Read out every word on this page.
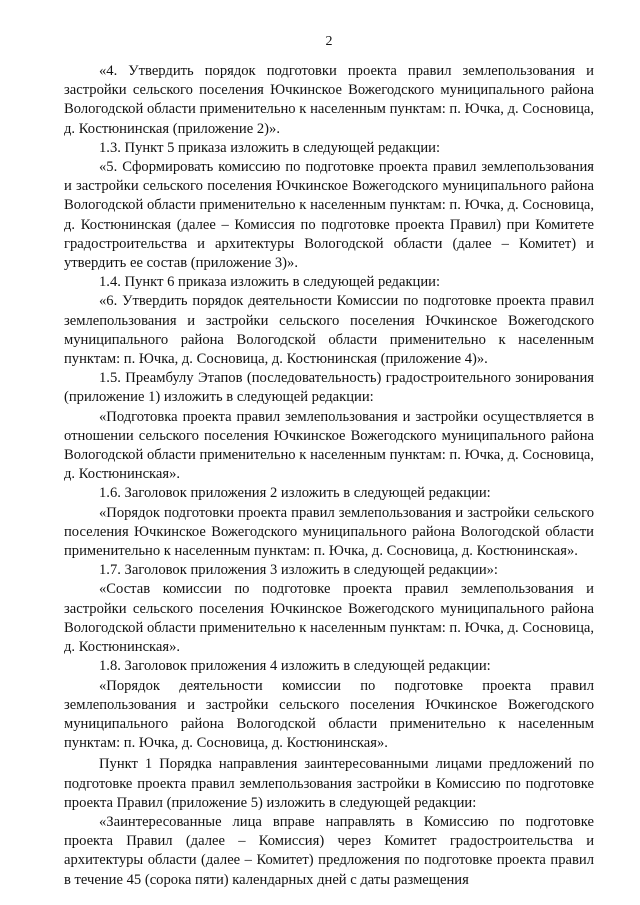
2

«4. Утвердить порядок подготовки проекта правил землепользования и застройки сельского поселения Ючкинское Вожегодского муниципального района Вологодской области применительно к населенным пунктам: п. Ючка, д. Сосновица, д. Костюнинская (приложение 2)».

1.3. Пункт 5 приказа изложить в следующей редакции:

«5. Сформировать комиссию по подготовке проекта правил землепользования и застройки сельского поселения Ючкинское Вожегодского муниципального района Вологодской области применительно к населенным пунктам: п. Ючка, д. Сосновица, д. Костюнинская (далее – Комиссия по подготовке проекта Правил) при Комитете градостроительства и архитектуры Вологодской области (далее – Комитет) и утвердить ее состав (приложение 3)».

1.4. Пункт 6 приказа изложить в следующей редакции:

«6. Утвердить порядок деятельности Комиссии по подготовке проекта правил землепользования и застройки сельского поселения Ючкинское Вожегодского муниципального района Вологодской области применительно к населенным пунктам: п. Ючка, д. Сосновица, д. Костюнинская (приложение 4)».

1.5. Преамбулу Этапов (последовательность) градостроительного зонирования (приложение 1) изложить в следующей редакции:

«Подготовка проекта правил землепользования и застройки осуществляется в отношении сельского поселения Ючкинское Вожегодского муниципального района Вологодской области применительно к населенным пунктам: п. Ючка, д. Сосновица, д. Костюнинская».

1.6. Заголовок приложения 2 изложить в следующей редакции:

«Порядок подготовки проекта правил землепользования и застройки сельского поселения Ючкинское Вожегодского муниципального района Вологодской области применительно к населенным пунктам: п. Ючка, д. Сосновица, д. Костюнинская».

1.7. Заголовок приложения 3 изложить в следующей редакции»:

«Состав комиссии по подготовке проекта правил землепользования и застройки сельского поселения Ючкинское Вожегодского муниципального района Вологодской области применительно к населенным пунктам: п. Ючка, д. Сосновица, д. Костюнинская».

1.8. Заголовок приложения 4 изложить в следующей редакции:

«Порядок деятельности комиссии по подготовке проекта правил землепользования и застройки сельского поселения Ючкинское Вожегодского муниципального района Вологодской области применительно к населенным пунктам: п. Ючка, д. Сосновица, д. Костюнинская».

Пункт 1 Порядка направления заинтересованными лицами предложений по подготовке проекта правил землепользования застройки в Комиссию по подготовке проекта Правил (приложение 5) изложить в следующей редакции:

«Заинтересованные лица вправе направлять в Комиссию по подготовке проекта Правил (далее – Комиссия) через Комитет градостроительства и архитектуры области (далее – Комитет) предложения по подготовке проекта правил в течение 45 (сорока пяти) календарных дней с даты размещения
